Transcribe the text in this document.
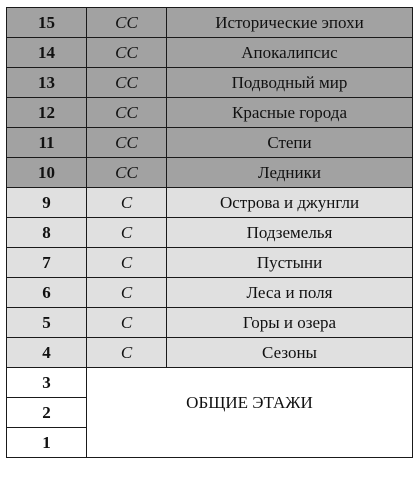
15	CC	Исторические эпохи
14	CC	Апокалипсис
13	CC	Подводный мир
12	CC	Красные города
11	CC	Степи
10	CC	Ледники
9	C	Острова и джунгли
8	C	Подземелья
7	C	Пустыни
6	C	Леса и поля
5	C	Горы и озера
4	C	Сезоны
3	ОБЩИЕ ЭТАЖИ	
2		
1		
